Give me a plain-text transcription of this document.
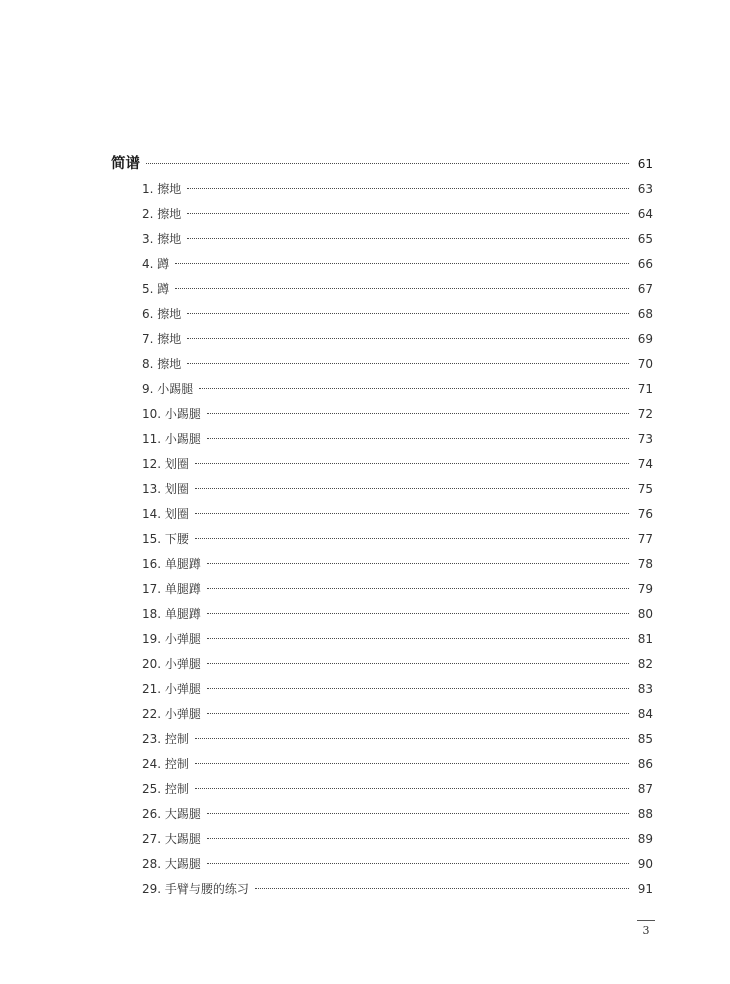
简谱	61
1. 擦地	63
2. 擦地	64
3. 擦地	65
4. 蹲	66
5. 蹲	67
6. 擦地	68
7. 擦地	69
8. 擦地	70
9. 小踢腿	71
10. 小踢腿	72
11. 小踢腿	73
12. 划圈	74
13. 划圈	75
14. 划圈	76
15. 下腰	77
16. 单腿蹲	78
17. 单腿蹲	79
18. 单腿蹲	80
19. 小弹腿	81
20. 小弹腿	82
21. 小弹腿	83
22. 小弹腿	84
23. 控制	85
24. 控制	86
25. 控制	87
26. 大踢腿	88
27. 大踢腿	89
28. 大踢腿	90
29. 手臂与腰的练习	91
3
